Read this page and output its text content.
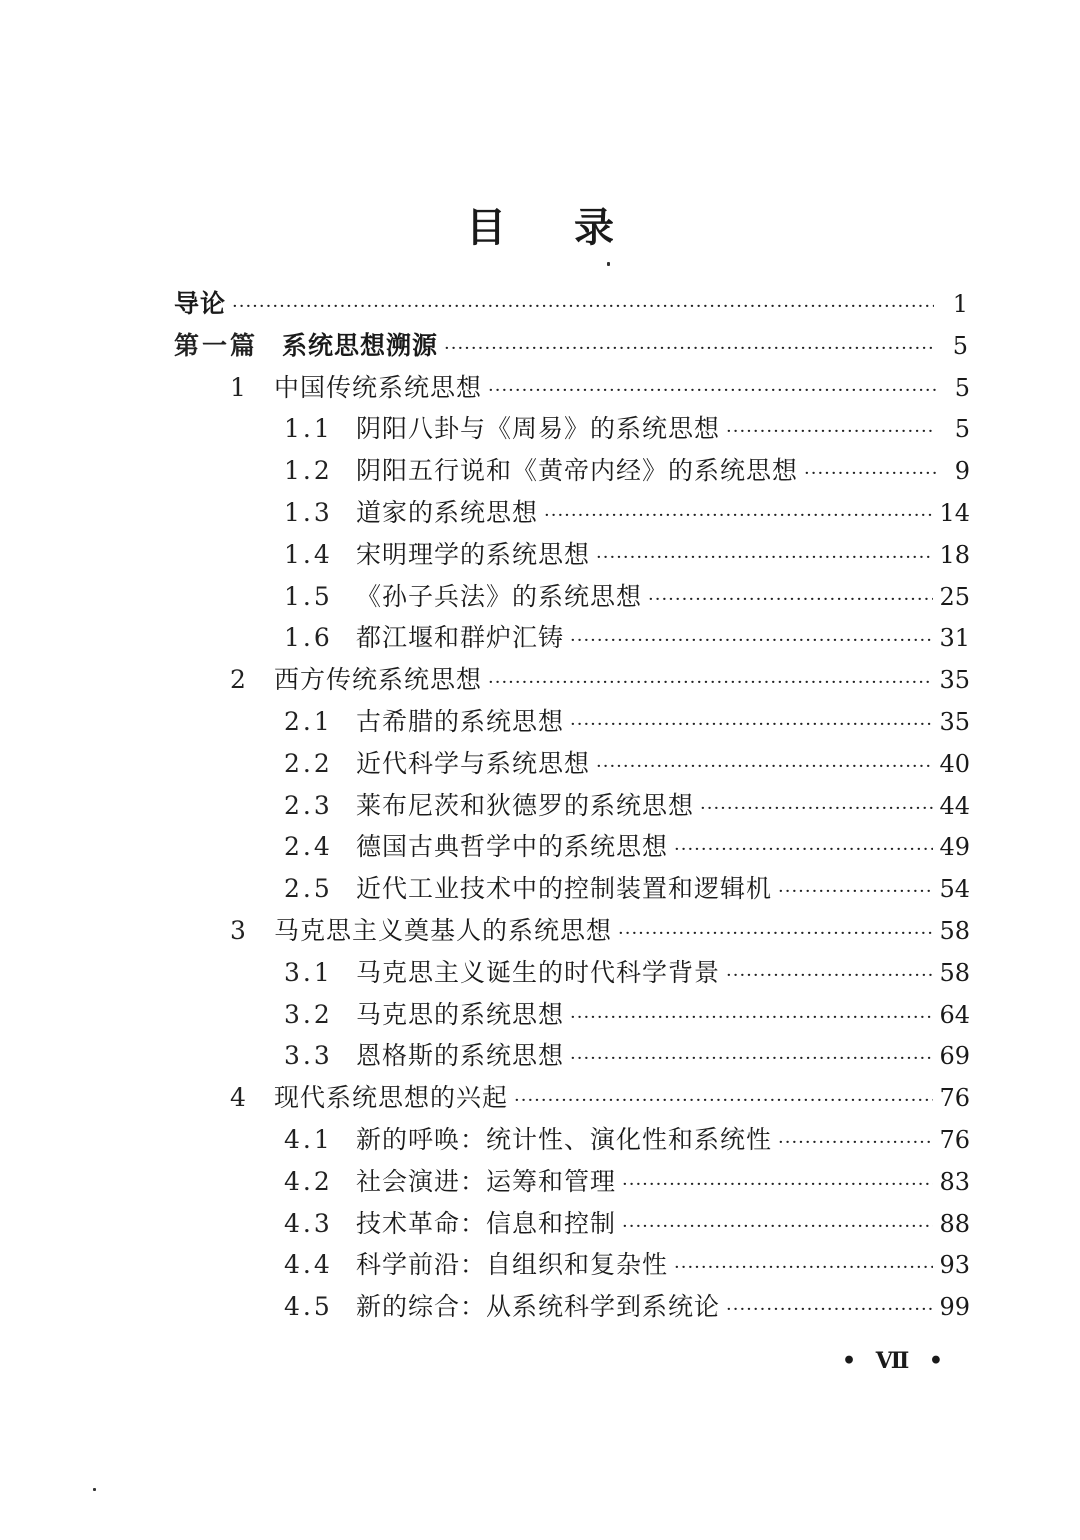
目 录
导论 ·····	1
第一篇 系统思想溯源 ·····	5
1	中国传统系统思想 ·····	5
1.1 阴阳八卦与《周易》的系统思想 ·····	5
1.2 阴阳五行说和《黄帝内经》的系统思想 ·····	9
1.3 道家的系统思想 ·····	14
1.4 宋明理学的系统思想 ·····	18
1.5 《孙子兵法》的系统思想 ·····	25
1.6 都江堰和群炉汇铸 ·····	31
2	西方传统系统思想 ·····	35
2.1 古希腊的系统思想 ·····	35
2.2 近代科学与系统思想 ·····	40
2.3 莱布尼茨和狄德罗的系统思想 ·····	44
2.4 德国古典哲学中的系统思想 ·····	49
2.5 近代工业技术中的控制装置和逻辑机 ·····	54
3	马克思主义奠基人的系统思想 ·····	58
3.1 马克思主义诞生的时代科学背景 ·····	58
3.2 马克思的系统思想 ·····	64
3.3 恩格斯的系统思想 ·····	69
4	现代系统思想的兴起 ·····	76
4.1 新的呼唤：统计性、演化性和系统性 ·····	76
4.2 社会演进：运筹和管理 ·····	83
4.3 技术革命：信息和控制 ·····	88
4.4 科学前沿：自组织和复杂性 ·····	93
4.5 新的综合：从系统科学到系统论 ·····	99
• Ⅶ •
